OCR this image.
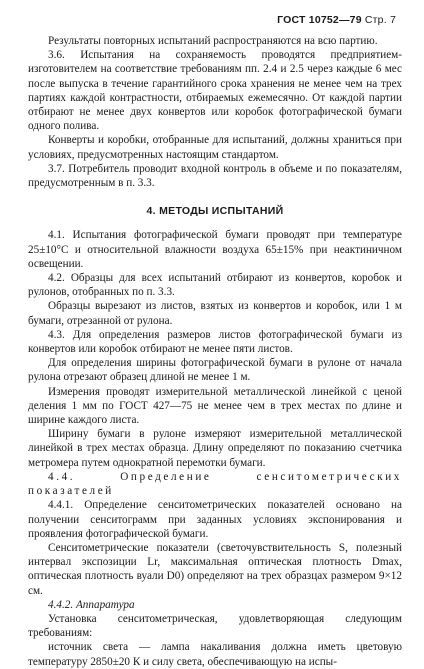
ГОСТ 10752—79 Стр. 7

Результаты повторных испытаний распространяются на всю партию.

3.6. Испытания на сохраняемость проводятся предприятием-изготовителем на соответствие требованиям пп. 2.4 и 2.5 через каждые 6 мес после выпуска в течение гарантийного срока хранения не менее чем на трех партиях каждой контрастности, отбираемых ежемесячно. От каждой партии отбирают не менее двух конвертов или коробок фотографической бумаги одного полива.

Конверты и коробки, отобранные для испытаний, должны храниться при условиях, предусмотренных настоящим стандартом.

3.7. Потребитель проводит входной контроль в объеме и по показателям, предусмотренным в п. 3.3.

4. МЕТОДЫ ИСПЫТАНИЙ

4.1. Испытания фотографической бумаги проводят при температуре 25±10°С и относительной влажности воздуха 65±15% при неактиничном освещении.

4.2. Образцы для всех испытаний отбирают из конвертов, коробок и рулонов, отобранных по п. 3.3.

Образцы вырезают из листов, взятых из конвертов и коробок, или 1 м бумаги, отрезанной от рулона.

4.3. Для определения размеров листов фотографической бумаги из конвертов или коробок отбирают не менее пяти листов.

Для определения ширины фотографической бумаги в рулоне от начала рулона отрезают образец длиной не менее 1 м.

Измерения проводят измерительной металлической линейкой с ценой деления 1 мм по ГОСТ 427—75 не менее чем в трех местах по длине и ширине каждого листа.

Ширину бумаги в рулоне измеряют измерительной металлической линейкой в трех местах образца. Длину определяют по показанию счетчика метромера путем однократной перемотки бумаги.

4.4. Определение сенситометрических показателей

4.4.1. Определение сенситометрических показателей основано на получении сенситограмм при заданных условиях экспонирования и проявления фотографической бумаги.

Сенситометрические показатели (светочувствительность S, полезный интервал экспозиции Lr, максимальная оптическая плотность Dmax, оптическая плотность вуали D0) определяют на трех образцах размером 9×12 см.

4.4.2. Аппаратура

Установка сенситометрическая, удовлетворяющая следующим требованиям:

источник света — лампа накаливания должна иметь цветовую температуру 2850±20 К и силу света, обеспечивающую на испы-
